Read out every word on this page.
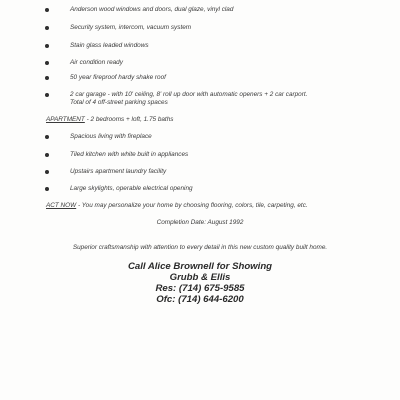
Anderson wood windows and doors, dual glaze, vinyl clad
Security system, intercom, vacuum system
Stain glass leaded windows
Air condition ready
50 year fireproof hardy shake roof
2 car garage - with 10' ceiling, 8' roll up door with automatic openers + 2 car carport.
Total of 4 off-street parking spaces
APARTMENT - 2 bedrooms + loft, 1.75 baths
Spacious living with fireplace
Tiled kitchen with white built in appliances
Upstairs apartment laundry facility
Large skylights, operable electrical opening
ACT NOW - You may personalize your home by choosing flooring, colors, tile, carpeting, etc.
Completion Date: August 1992
Superior craftsmanship with attention to every detail in this new custom quality built home.
Call Alice Brownell for Showing
Grubb & Ellis
Res: (714) 675-9585
Ofc: (714) 644-6200
